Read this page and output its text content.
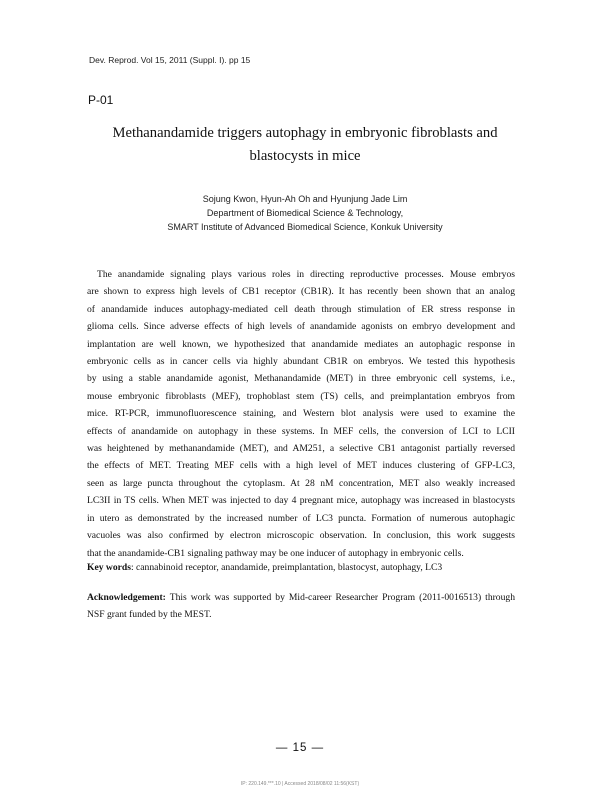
Dev. Reprod. Vol 15, 2011 (Suppl. I). pp 15
P-01
Methanandamide triggers autophagy in embryonic fibroblasts and
blastocysts in mice
Sojung Kwon, Hyun-Ah Oh and Hyunjung Jade Lim
Department of Biomedical Science & Technology,
SMART Institute of Advanced Biomedical Science, Konkuk University
The anandamide signaling plays various roles in directing reproductive processes. Mouse embryos
are shown to express high levels of CB1 receptor (CB1R). It has recently been shown that an analog
of anandamide induces autophagy-mediated cell death through stimulation of ER stress response in
glioma cells. Since adverse effects of high levels of anandamide agonists on embryo development and
implantation are well known, we hypothesized that anandamide mediates an autophagic response in
embryonic cells as in cancer cells via highly abundant CB1R on embryos. We tested this hypothesis
by using a stable anandamide agonist, Methanandamide (MET) in three embryonic cell systems, i.e.,
mouse embryonic fibroblasts (MEF), trophoblast stem (TS) cells, and preimplantation embryos from
mice. RT-PCR, immunofluorescence staining, and Western blot analysis were used to examine the
effects of anandamide on autophagy in these systems. In MEF cells, the conversion of LCI to LCII
was heightened by methanandamide (MET), and AM251, a selective CB1 antagonist partially reversed
the effects of MET. Treating MEF cells with a high level of MET induces clustering of GFP-LC3,
seen as large puncta throughout the cytoplasm. At 28 nM concentration, MET also weakly increased
LC3II in TS cells. When MET was injected to day 4 pregnant mice, autophagy was increased in blastocysts
in utero as demonstrated by the increased number of LC3 puncta. Formation of numerous autophagic
vacuoles was also confirmed by electron microscopic observation. In conclusion, this work suggests
that the anandamide-CB1 signaling pathway may be one inducer of autophagy in embryonic cells.
Key words: cannabinoid receptor, anandamide, preimplantation, blastocyst, autophagy, LC3
Acknowledgement: This work was supported by Mid-career Researcher Program (2011-0016513) through
NSF grant funded by the MEST.
— 15 —
IP: 220.149.***.10 | Accessed 2018/08/02 11:56(KST)
